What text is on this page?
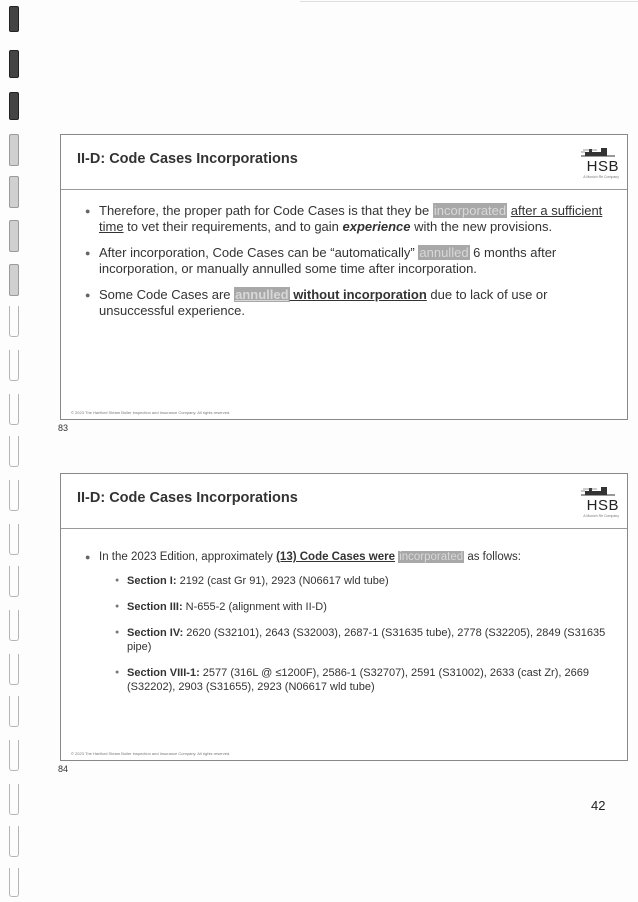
II-D: Code Cases Incorporations	HSB
A Munich Re Company
● Therefore, the proper path for Code Cases is that they be incorporated after a sufficient time to vet their requirements, and to gain experience with the new provisions.
● After incorporation, Code Cases can be “automatically” annulled 6 months after incorporation, or manually annulled some time after incorporation.
● Some Code Cases are annulled without incorporation due to lack of use or unsuccessful experience.
© 2023 The Hartford Steam Boiler Inspection and Insurance Company. All rights reserved.
83
II-D: Code Cases Incorporations	HSB
A Munich Re Company
● In the 2023 Edition, approximately (13) Code Cases were incorporated as follows:
● Section I: 2192 (cast Gr 91), 2923 (N06617 wld tube)
● Section III: N-655-2 (alignment with II-D)
● Section IV: 2620 (S32101), 2643 (S32003), 2687-1 (S31635 tube), 2778 (S32205), 2849 (S31635 pipe)
● Section VIII-1: 2577 (316L @ ≤1200F), 2586-1 (S32707), 2591 (S31002), 2633 (cast Zr), 2669 (S32202), 2903 (S31655), 2923 (N06617 wld tube)
© 2023 The Hartford Steam Boiler Inspection and Insurance Company. All rights reserved.
84
42
